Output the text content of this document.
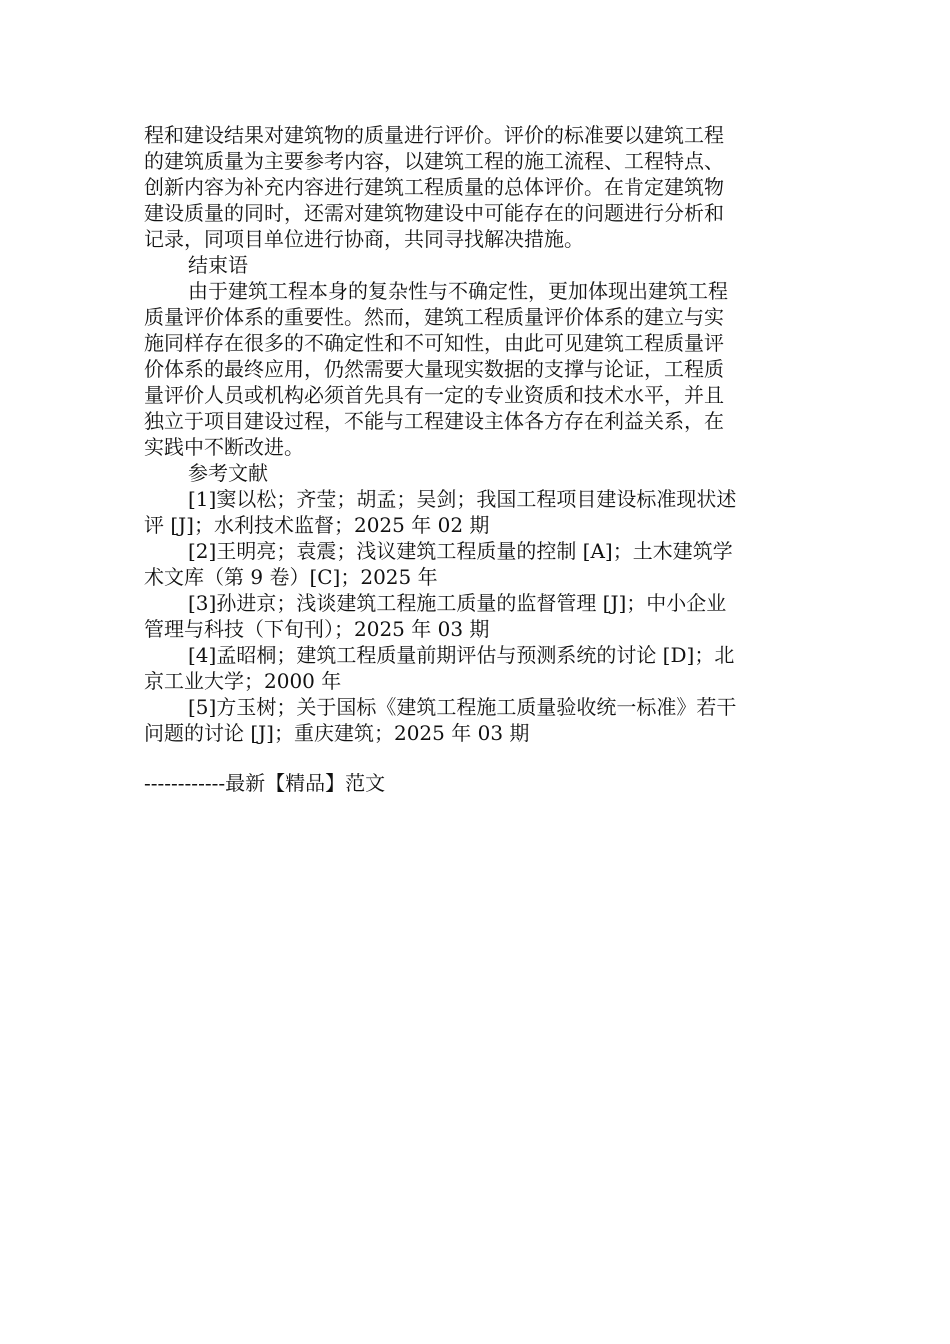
程和建设结果对建筑物的质量进行评价。评价的标准要以建筑工程
的建筑质量为主要参考内容，以建筑工程的施工流程、工程特点、
创新内容为补充内容进行建筑工程质量的总体评价。在肯定建筑物
建设质量的同时，还需对建筑物建设中可能存在的问题进行分析和
记录，同项目单位进行协商，共同寻找解决措施。
结束语
由于建筑工程本身的复杂性与不确定性，更加体现出建筑工程
质量评价体系的重要性。然而，建筑工程质量评价体系的建立与实
施同样存在很多的不确定性和不可知性，由此可见建筑工程质量评
价体系的最终应用，仍然需要大量现实数据的支撑与论证，工程质
量评价人员或机构必须首先具有一定的专业资质和技术水平，并且
独立于项目建设过程，不能与工程建设主体各方存在利益关系，在
实践中不断改进。
参考文献
[1]窦以松；齐莹；胡孟；吴剑；我国工程项目建设标准现状述
评 [J]；水利技术监督；2025 年 02 期
[2]王明亮；袁震；浅议建筑工程质量的控制 [A]；土木建筑学
术文库（第 9 卷）[C]；2025 年
[3]孙进京；浅谈建筑工程施工质量的监督管理 [J]；中小企业
管理与科技（下旬刊）；2025 年 03 期
[4]孟昭桐；建筑工程质量前期评估与预测系统的讨论 [D]；北
京工业大学；2000 年
[5]方玉树；关于国标《建筑工程施工质量验收统一标准》若干
问题的讨论 [J]；重庆建筑；2025 年 03 期
------------最新【精品】范文
